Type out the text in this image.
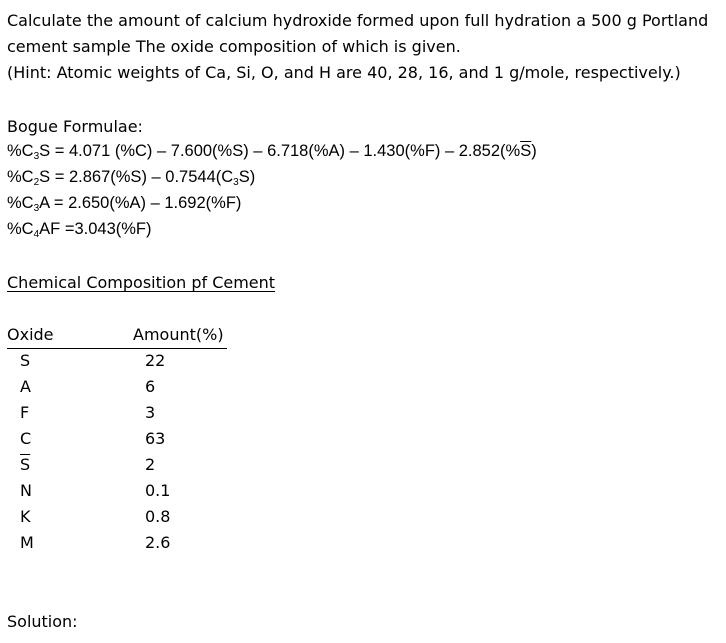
Calculate the amount of calcium hydroxide formed upon full hydration a 500 g Portland
cement sample The oxide composition of which is given.
(Hint: Atomic weights of Ca, Si, O, and H are 40, 28, 16, and 1 g/mole, respectively.)
Bogue Formulae:
$\%C_3S = 4.071$ $(\%C) - 7.600(\%S) - 6.718(\%A) - 1.430(\%F) - 2.852(\%\overline{S})$
$\%C_2S = 2.867(\%S) - 0.7544(C_3S)$
$\%C_3A = 2.650(\%A) - 1.692(\%F)$
$\%C_4AF =3.043(\%F)$
Chemical Composition pf Cement
Oxide	Amount(%)
S	22
A	6
F	3
C	63
$\overline{S}$	2
N	0.1
K	0.8
M	2.6
Solution:
